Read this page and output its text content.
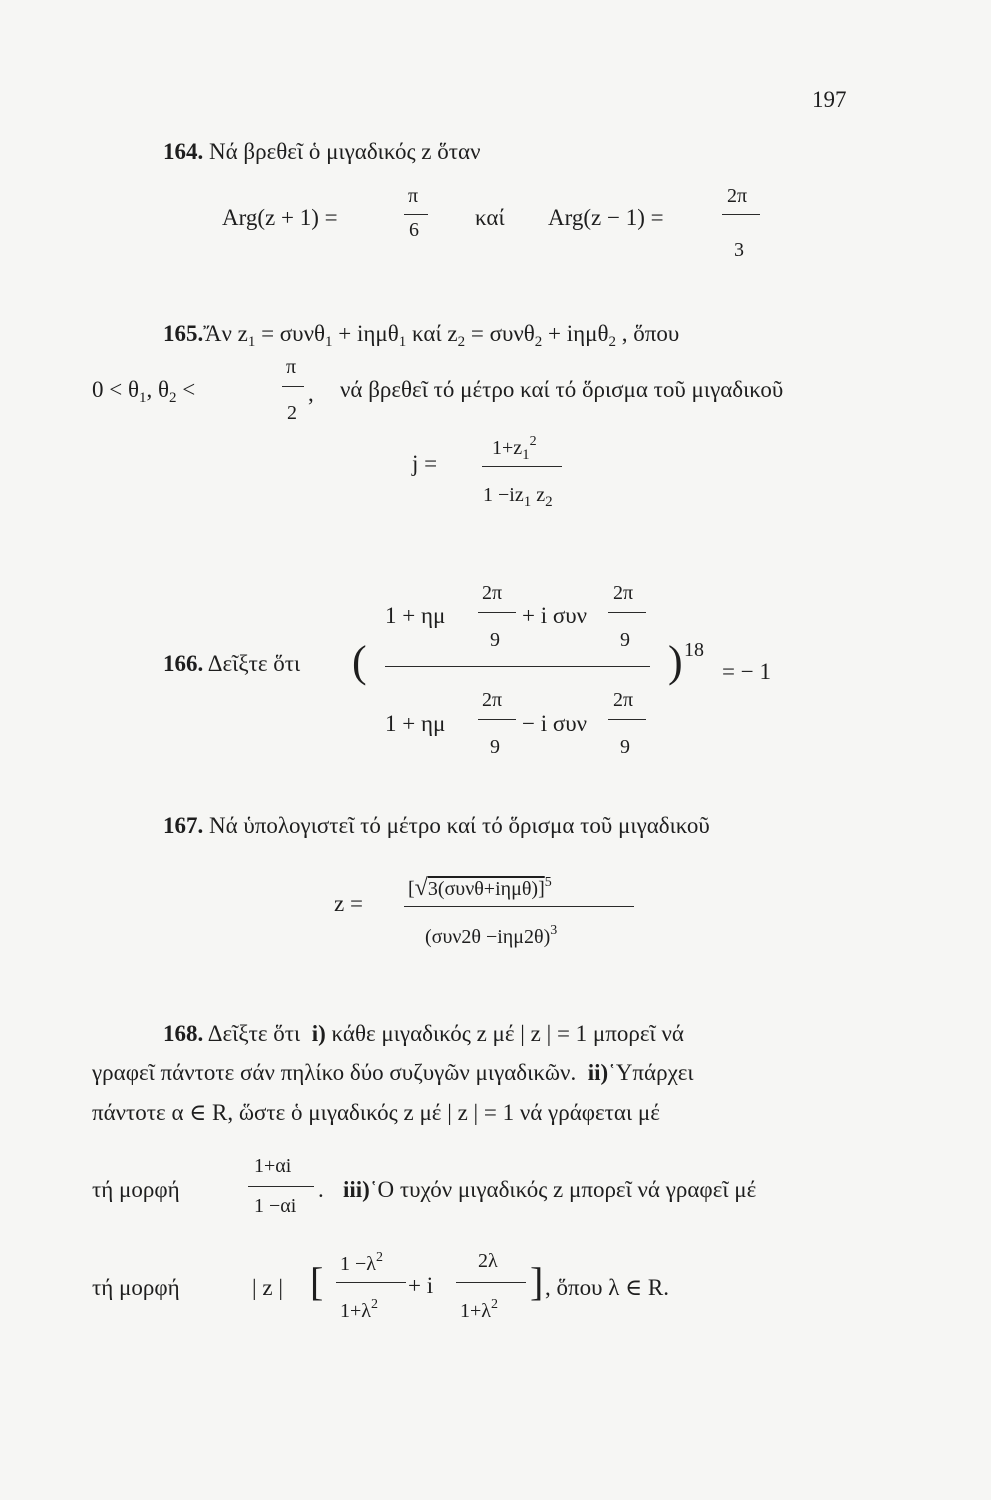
197
164. Νά βρεθεῖ ὁ μιγαδικός z ὅταν
Arg(z + 1) =
π
6 καί Arg(z − 1) =
2π
3
165.Ἄν $z_1 = \sigma\upsilon\nu\theta_1 + i\eta\mu\theta_1$ καί $z_2 = \sigma\upsilon\nu\theta_2 + i\eta\mu\theta_2$ , ὅπου
$0 < \theta_1$, $\theta_2$ <
π
2
, νά βρεθεῖ τό μέτρο καί τό ὅρισμα τοῦ μιγαδικοῦ
j =
$1+z_1^2$
$1 -iz_1$ $z_2$
166. Δεῖξτε ὅτι (
1 + ημ
2π
9
+ i συν
2π
9
1 + ημ
2π
9
− i συν
2π
9
) 18
= − 1
167. Νά ὑπολογιστεῖ τό μέτρο καί τό ὅρισμα τοῦ μιγαδικοῦ
z =
$[√3(\sigma\upsilon\nu\theta+i\eta\mu\theta)]^5$
$(\sigma\upsilon\nu 2\theta -i\eta\mu 2\theta)^3$
168. Δεῖξτε ὅτι i) κάθε μιγαδικός z μέ | z | = 1 μπορεῖ νά
γραφεῖ πάντοτε σάν πηλίκο δύο συζυγῶν μιγαδικῶν. ii)῾Υπάρχει
πάντοτε α ∈ R, ὥστε ὁ μιγαδικός z μέ | z | = 1 νά γράφεται μέ
τή μορφή
1+αi
1 −αi
. iii)῾Ο τυχόν μιγαδικός z μπορεῖ νά γραφεῖ μέ
τή μορφή	| z | [ $1 -\lambda^2$
$1+\lambda^2$
+ i
2λ
$1+\lambda^2$
] , ὅπου λ ∈ R.
